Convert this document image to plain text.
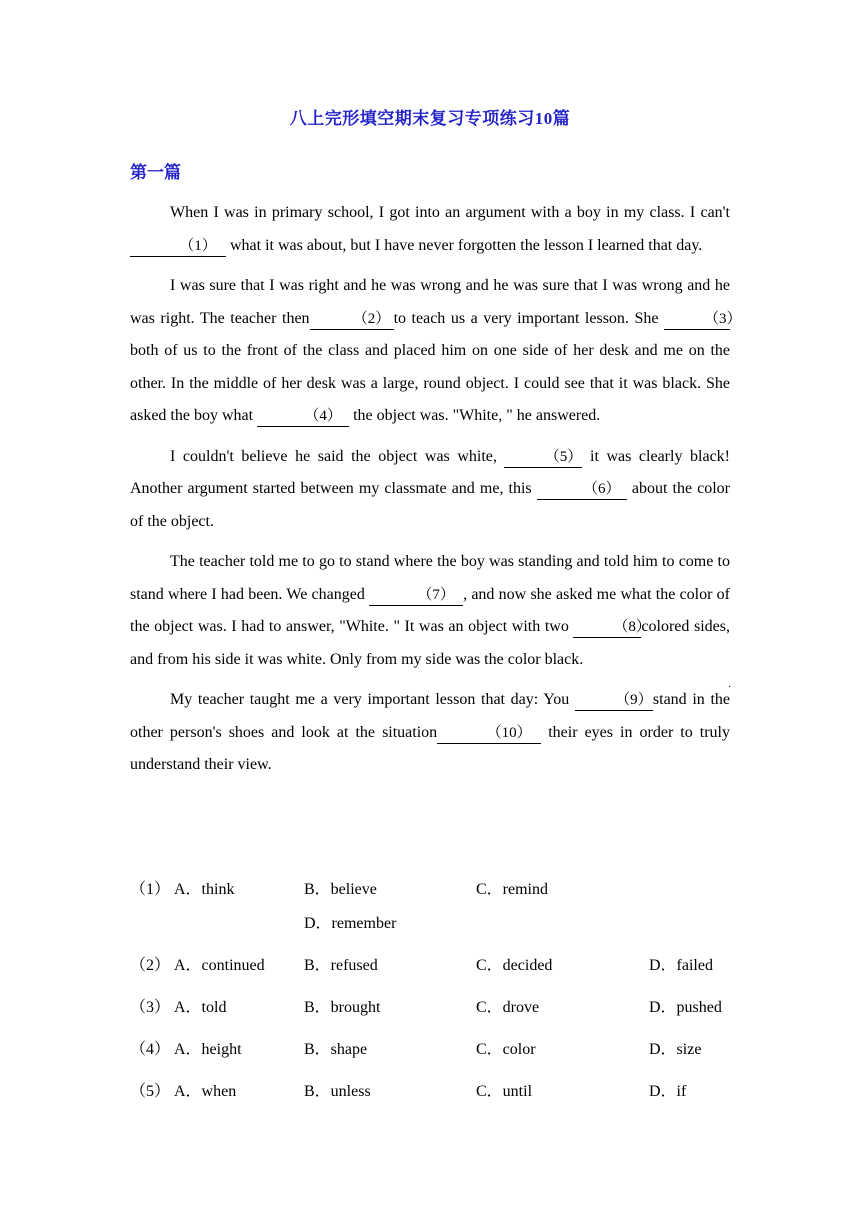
八上完形填空期末复习专项练习10篇
第一篇

When I was in primary school, I got into an argument with a boy in my class. I can't （1） what it was about, but I have never forgotten the lesson I learned that day.

I was sure that I was right and he was wrong and he was sure that I was wrong and he was right. The teacher then	（2） to teach us a very important lesson. She	（3） both of us to the front of the class and placed him on one side of her desk and me on the other. In the middle of her desk was a large, round object. I could see that it was black. She asked the boy what	（4） the object was. "White, " he answered.

I couldn't believe he said the object was white,	（5） it was clearly black! Another argument started between my classmate and me, this	（6） about the color of the object.

The teacher told me to go to stand where the boy was standing and told him to come to stand where I had been. We changed	（7） , and now she asked me what the color of the object was. I had to answer, "White. " It was an object with two	（8）colored sides, and from his side it was white. Only from my side was the color black.

My teacher taught me a very important lesson that day: You	（9）stand in the other person's shoes and look at the situation	（10） their eyes in order to truly understand their view.

（1） A．think	B．believe	C．remind
D．remember
（2） A．continued B．refused	C．decided	D．failed
（3） A．told	B．brought	C．drove	D．pushed
（4） A．height	B．shape	C．color	D．size
（5） A．when	B．unless	C．until	D．if
·
